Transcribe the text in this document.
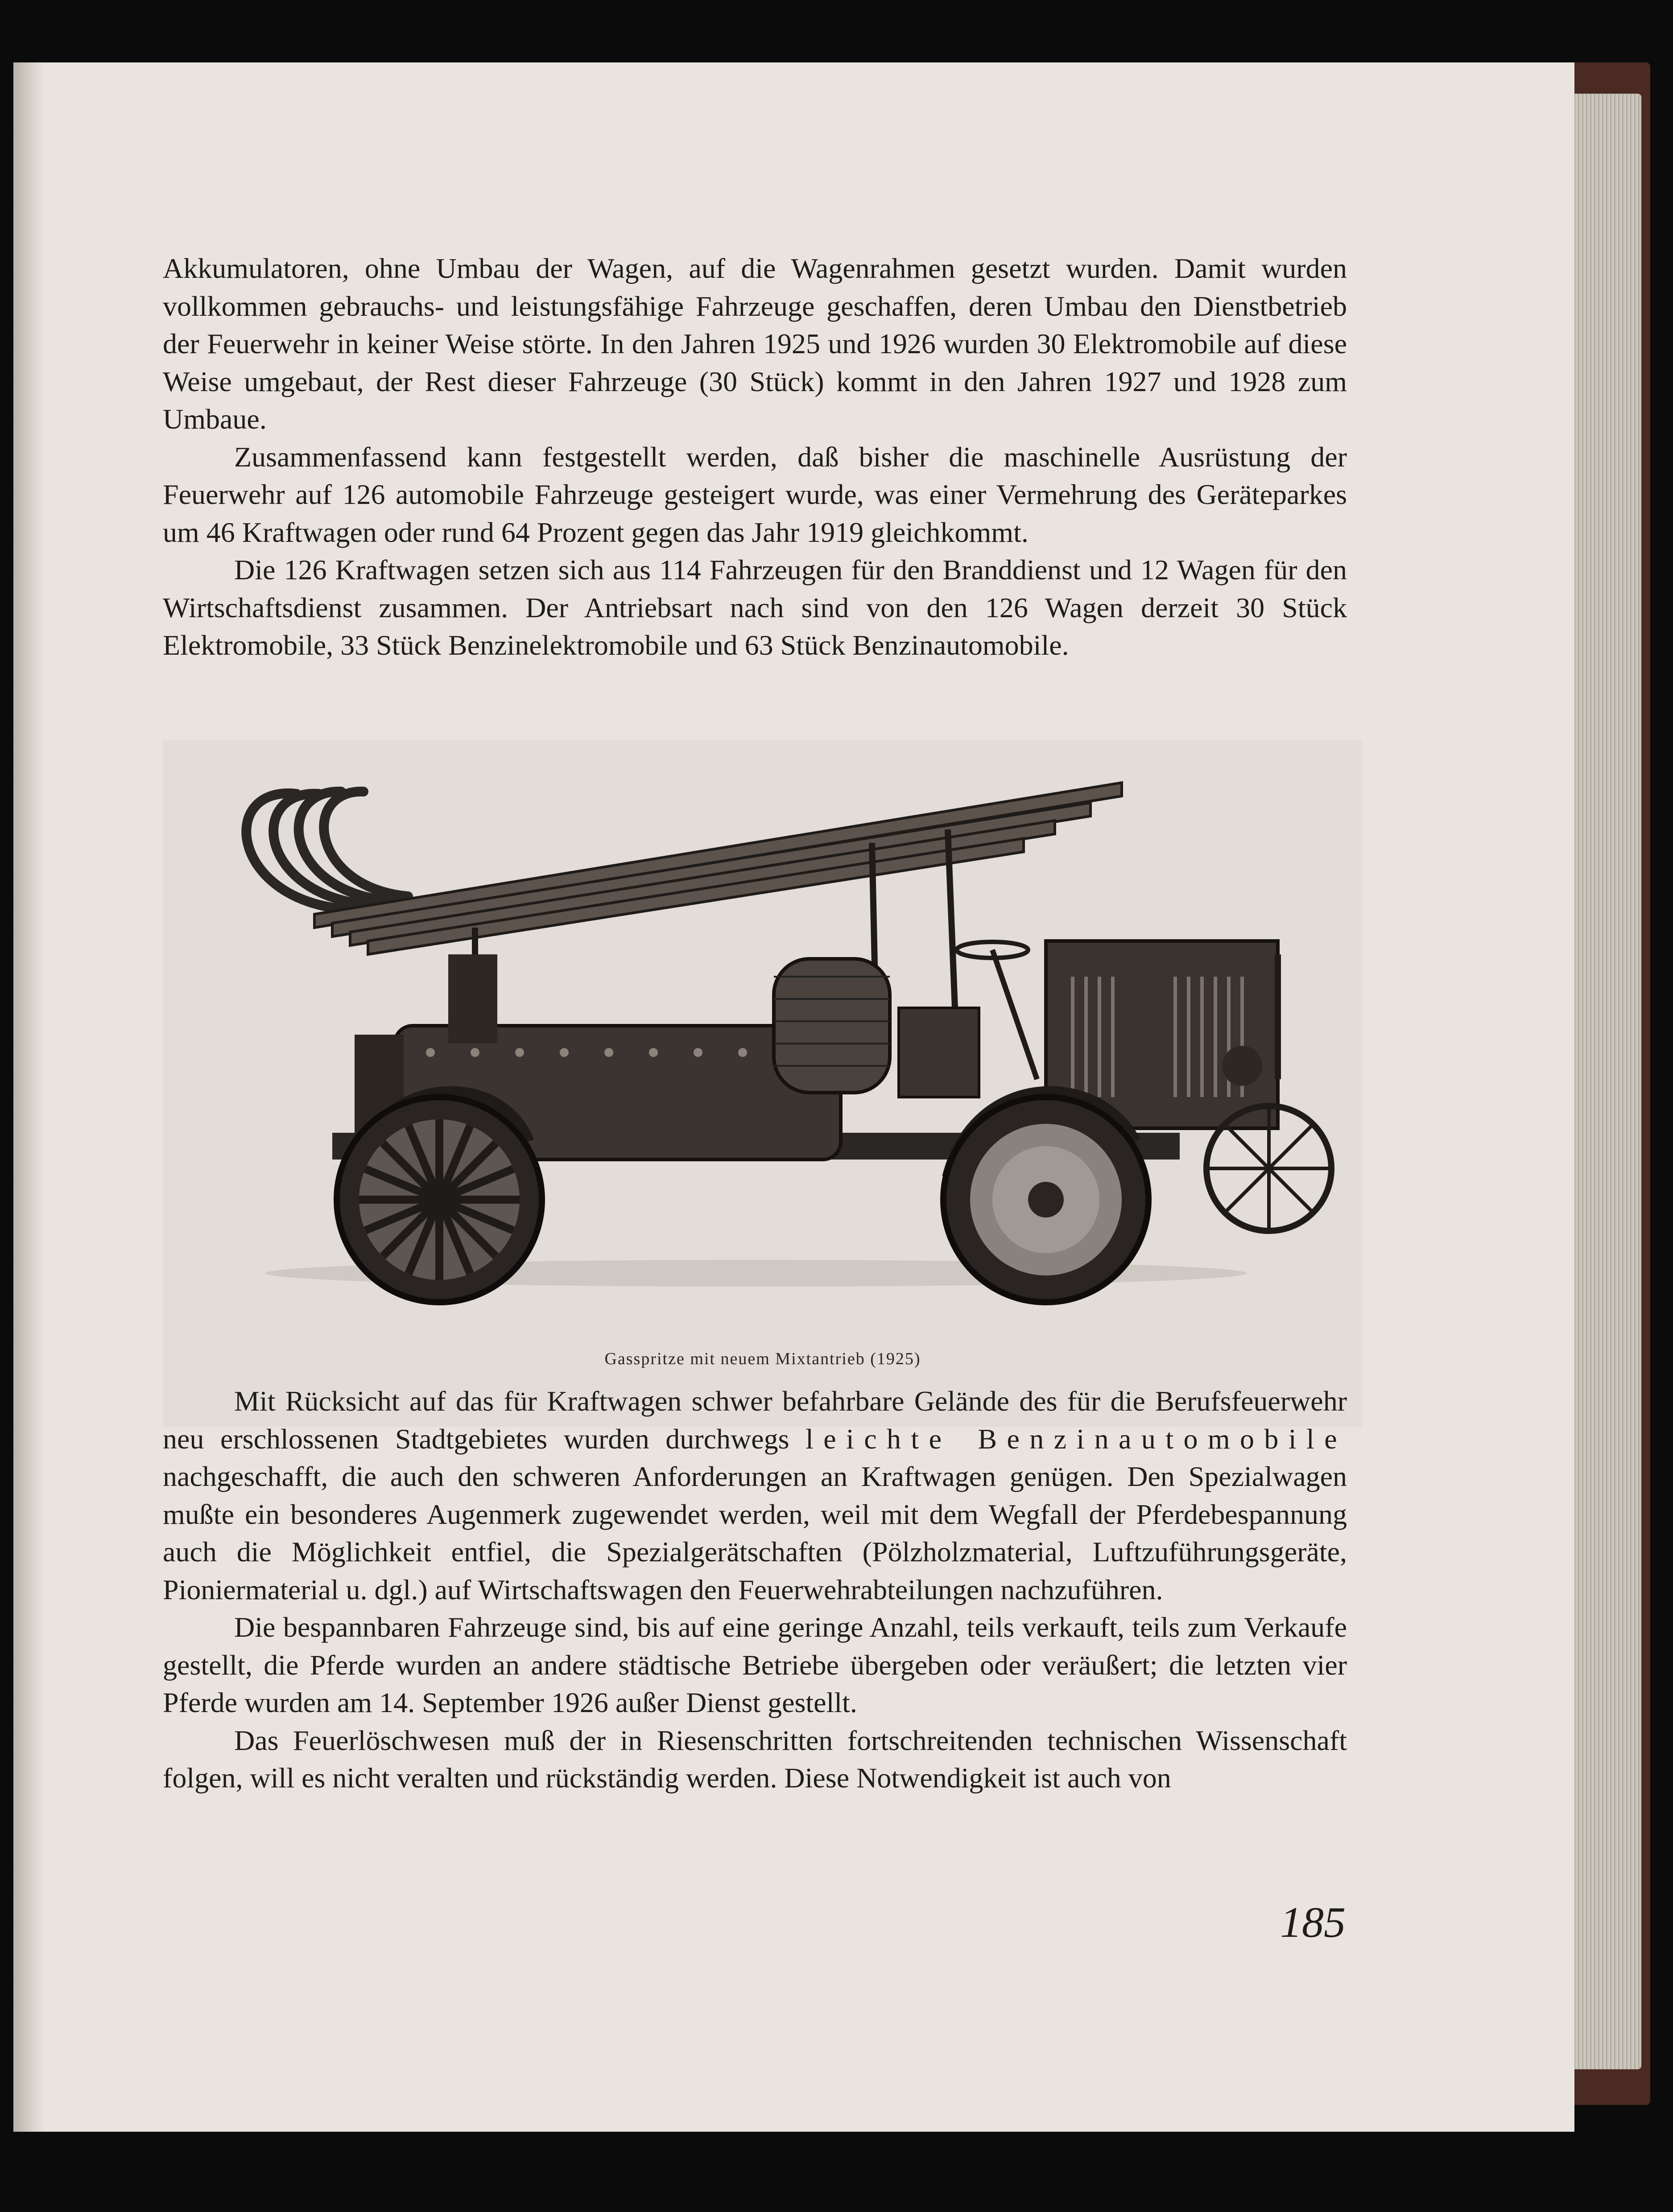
Akkumulatoren, ohne Umbau der Wagen, auf die Wagenrahmen gesetzt wurden. Damit wurden vollkommen gebrauchs- und leistungsfähige Fahrzeuge geschaffen, deren Umbau den Dienstbetrieb der Feuerwehr in keiner Weise störte. In den Jahren 1925 und 1926 wurden 30 Elektromobile auf diese Weise umgebaut, der Rest dieser Fahrzeuge (30 Stück) kommt in den Jahren 1927 und 1928 zum Umbaue.

Zusammenfassend kann festgestellt werden, daß bisher die maschinelle Ausrüstung der Feuerwehr auf 126 automobile Fahrzeuge gesteigert wurde, was einer Vermehrung des Geräteparkes um 46 Kraftwagen oder rund 64 Prozent gegen das Jahr 1919 gleichkommt.

Die 126 Kraftwagen setzen sich aus 114 Fahrzeugen für den Branddienst und 12 Wagen für den Wirtschaftsdienst zusammen. Der Antriebsart nach sind von den 126 Wagen derzeit 30 Stück Elektromobile, 33 Stück Benzinelektromobile und 63 Stück Benzinautomobile.

Gasspritze mit neuem Mixtantrieb (1925)

Mit Rücksicht auf das für Kraftwagen schwer befahrbare Gelände des für die Berufsfeuerwehr neu erschlossenen Stadtgebietes wurden durchwegs leichte Benzinautomobile nachgeschafft, die auch den schweren Anforderungen an Kraftwagen genügen. Den Spezialwagen mußte ein besonderes Augenmerk zugewendet werden, weil mit dem Wegfall der Pferdebespannung auch die Möglichkeit entfiel, die Spezialgerätschaften (Pölzholzmaterial, Luftzuführungsgeräte, Pioniermaterial u. dgl.) auf Wirtschaftswagen den Feuerwehrabteilungen nachzuführen.

Die bespannbaren Fahrzeuge sind, bis auf eine geringe Anzahl, teils verkauft, teils zum Verkaufe gestellt, die Pferde wurden an andere städtische Betriebe übergeben oder veräußert; die letzten vier Pferde wurden am 14. September 1926 außer Dienst gestellt.

Das Feuerlöschwesen muß der in Riesenschritten fortschreitenden technischen Wissenschaft folgen, will es nicht veralten und rückständig werden. Diese Notwendigkeit ist auch von

185
